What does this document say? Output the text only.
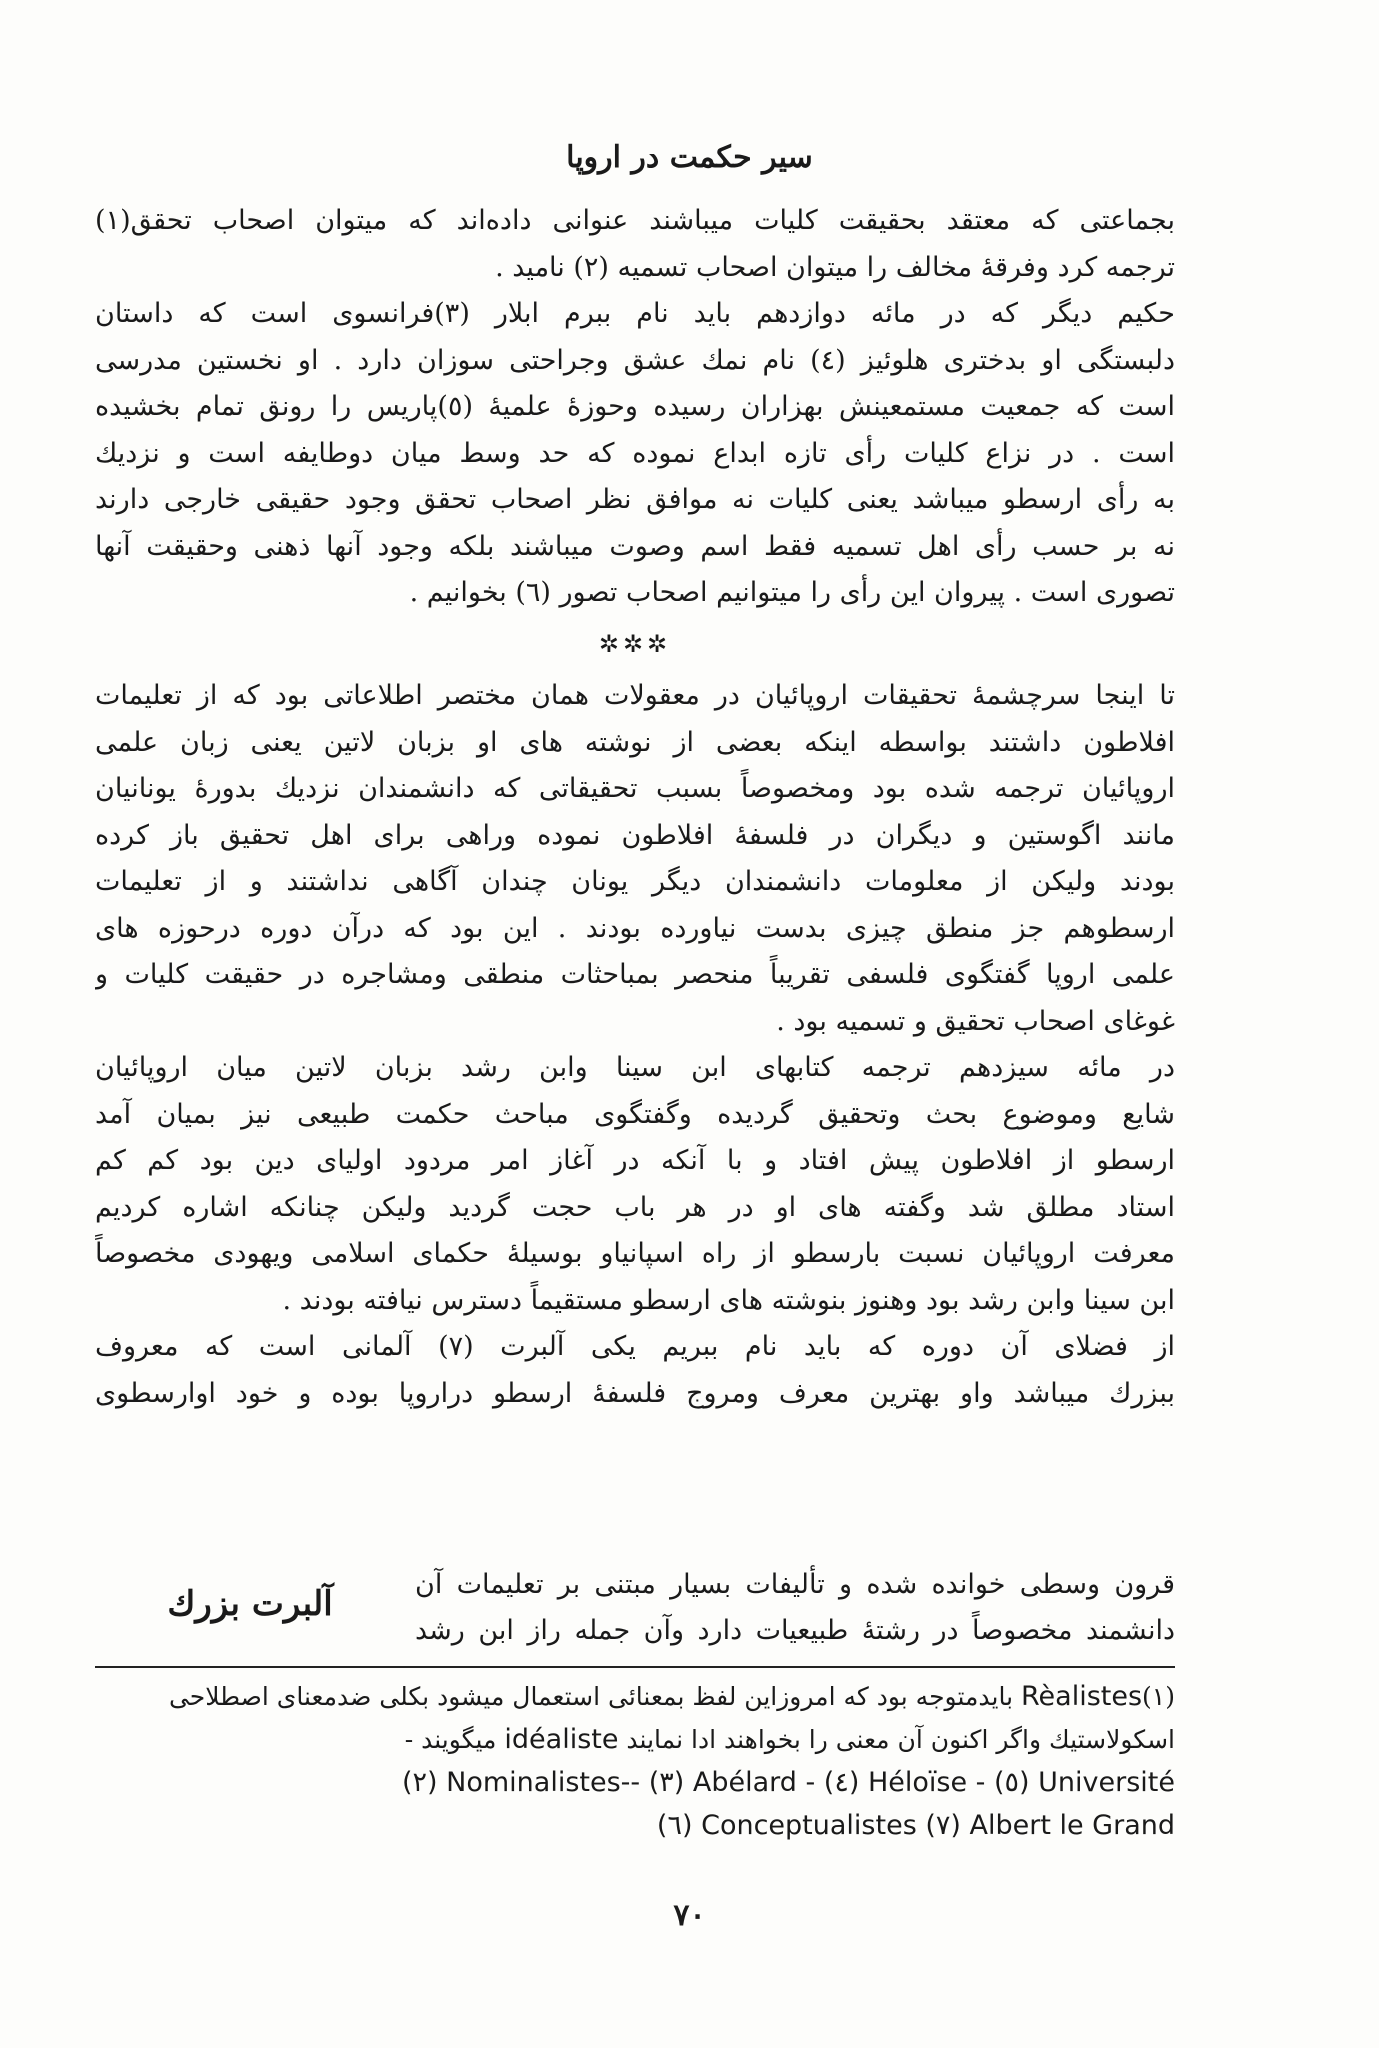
سیر حکمت در اروپا
بجماعتی که معتقد بحقیقت کلیات میباشند عنوانی داده‌اند که میتوان اصحاب تحقق(۱)
ترجمه کرد وفرقهٔ مخالف را میتوان اصحاب تسمیه (۲) نامید .
حکیم دیگر که در مائه دوازدهم باید نام ببرم ابلار (۳)فرانسوی است که داستان
دلبستگی او بدختری هلوئیز (٤) نام نمك عشق وجراحتی سوزان دارد . او نخستین مدرسی
است که جمعیت مستمعینش بهزاران رسیده وحوزهٔ علمیهٔ (٥)پاریس را رونق تمام بخشیده
است . در نزاع کلیات رأی تازه ابداع نموده که حد وسط میان دوطایفه است و نزدیك
به رأی ارسطو میباشد یعنی کلیات نه موافق نظر اصحاب تحقق وجود حقیقی خارجی دارند
نه بر حسب رأی اهل تسمیه فقط اسم وصوت میباشند بلکه وجود آنها ذهنی وحقیقت آنها
تصوری است . پیروان این رأی را میتوانیم اصحاب تصور (٦) بخوانیم .
✲✲✲
تا اینجا سرچشمهٔ تحقیقات اروپائیان در معقولات همان مختصر اطلاعاتی بود که از تعلیمات
افلاطون داشتند بواسطه اینکه بعضی از نوشته های او بزبان لاتین یعنی زبان علمی
اروپائیان ترجمه شده بود ومخصوصاً بسبب تحقیقاتی که دانشمندان نزدیك بدورهٔ یونانیان
مانند اگوستین و دیگران در فلسفهٔ افلاطون نموده وراهی برای اهل تحقیق باز کرده
بودند ولیکن از معلومات دانشمندان دیگر یونان چندان آگاهی نداشتند و از تعلیمات
ارسطوهم جز منطق چیزی بدست نیاورده بودند . این بود که درآن دوره درحوزه های
علمی اروپا گفتگوی فلسفی تقریباً منحصر بمباحثات منطقی ومشاجره در حقیقت کلیات و
غوغای اصحاب تحقیق و تسمیه بود .
در مائه سیزدهم ترجمه کتابهای ابن سینا وابن رشد بزبان لاتین میان اروپائیان
شایع وموضوع بحث وتحقیق گردیده وگفتگوی مباحث حکمت طبیعی نیز بمیان آمد
ارسطو از افلاطون پیش افتاد و با آنکه در آغاز امر مردود اولیای دین بود کم کم
استاد مطلق شد وگفته های او در هر باب حجت گردید ولیکن چنانکه اشاره کردیم
معرفت اروپائیان نسبت بارسطو از راه اسپانیاو بوسیلهٔ حکمای اسلامی ویهودی مخصوصاً
ابن سینا وابن رشد بود وهنوز بنوشته های ارسطو مستقیماً دسترس نیافته بودند .
از فضلای آن دوره که باید نام ببریم یکی آلبرت (۷) آلمانی است که معروف
ببزرك میباشد واو بهترین معرف ومروج فلسفهٔ ارسطو دراروپا بوده و خود اوارسطوی
قرون وسطی خوانده شده و تألیفات بسیار مبتنی بر تعلیمات آن
دانشمند مخصوصاً در رشتهٔ طبیعیات دارد وآن جمله راز ابن رشد
آلبرت بزرك
(۱)Rèalistes بایدمتوجه بود که امروزاین لفظ بمعنائی استعمال میشود بکلی ضدمعنای اصطلاحی
اسکولاستیك واگر اکنون آن معنی را بخواهند ادا نمایند idéaliste میگویند -
(۲) Nominalistes-- (۳) Abélard - (٤) Héloïse - (٥) Université
(٦) Conceptualistes (۷) Albert le Grand
۷۰
